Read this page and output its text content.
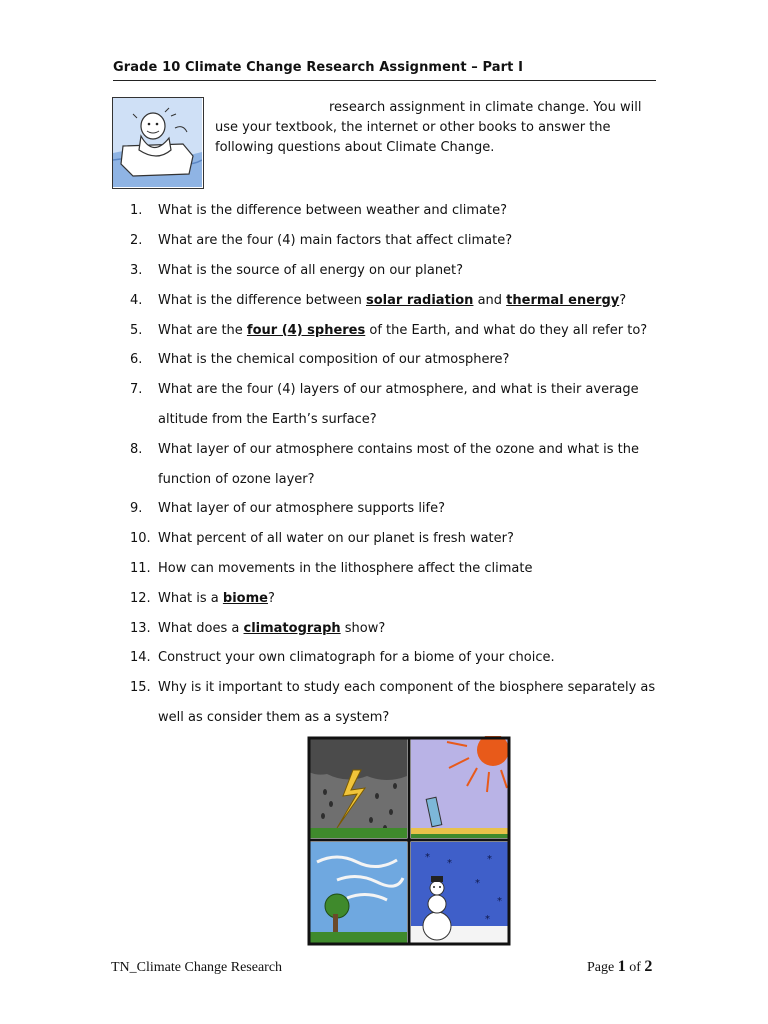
Grade 10 Climate Change Research Assignment – Part I
research assignment in climate change. You will
use your textbook, the internet or other books to answer the
following questions about Climate Change.
1.	What is the difference between weather and climate?
2.	What are the four (4) main factors that affect climate?
3.	What is the source of all energy on our planet?
4.	What is the difference between solar radiation and thermal energy?
5.	What are the four (4) spheres of the Earth, and what do they all refer to?
6.	What is the chemical composition of our atmosphere?
7.	What are the four (4) layers of our atmosphere, and what is their average
altitude from the Earth’s surface?
8.	What layer of our atmosphere contains most of the ozone and what is the
function of ozone layer?
9.	What layer of our atmosphere supports life?
10. What percent of all water on our planet is fresh water?
11. How can movements in the lithosphere affect the climate
12. What is a biome?
13. What does a climatograph show?
14. Construct your own climatograph for a biome of your choice.
15. Why is it important to study each component of the biosphere separately as
well as consider them as a system?
*	*
*
*
*
*
TN_Climate Change Research	Page 1 of 2
